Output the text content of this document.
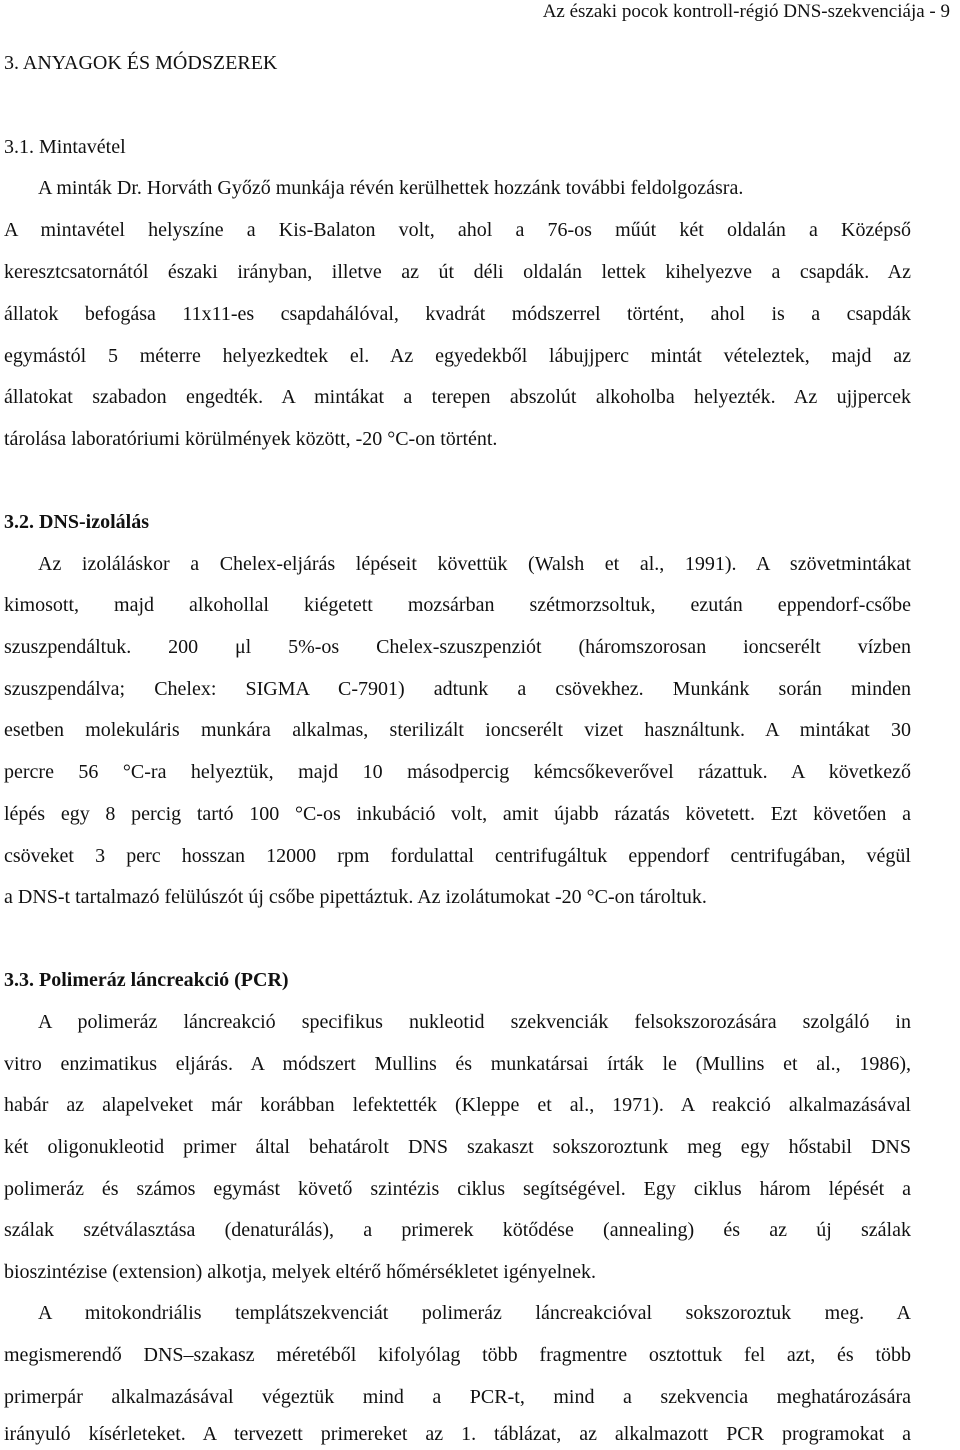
Az északi pocok kontroll-régió DNS-szekvenciája - 9
3. ANYAGOK ÉS MÓDSZEREK
3.1. Mintavétel
A minták Dr. Horváth Győző munkája révén kerülhettek hozzánk további feldolgozásra.
A mintavétel helyszíne a Kis-Balaton volt, ahol a 76-os műút két oldalán a Középső
keresztcsatornától északi irányban, illetve az út déli oldalán lettek kihelyezve a csapdák. Az
állatok befogása 11x11-es csapdahálóval, kvadrát módszerrel történt, ahol is a csapdák
egymástól 5 méterre helyezkedtek el. Az egyedekből lábujjperc mintát vételeztek, majd az
állatokat szabadon engedték. A mintákat a terepen abszolút alkoholba helyezték. Az ujjpercek
tárolása laboratóriumi körülmények között, -20 °C-on történt.
3.2. DNS-izolálás
Az izoláláskor a Chelex-eljárás lépéseit követtük (Walsh et al., 1991). A szövetmintákat
kimosott, majd alkohollal kiégetett mozsárban szétmorzsoltuk, ezután eppendorf-csőbe
szuszpendáltuk. 200 μl 5%-os Chelex-szuszpenziót (háromszorosan ioncserélt vízben
szuszpendálva; Chelex: SIGMA C-7901) adtunk a csövekhez. Munkánk során minden
esetben molekuláris munkára alkalmas, sterilizált ioncserélt vizet használtunk. A mintákat 30
percre 56 °C-ra helyeztük, majd 10 másodpercig kémcsőkeverővel rázattuk. A következő
lépés egy 8 percig tartó 100 °C-os inkubáció volt, amit újabb rázatás követett. Ezt követően a
csöveket 3 perc hosszan 12000 rpm fordulattal centrifugáltuk eppendorf centrifugában, végül
a DNS-t tartalmazó felülúszót új csőbe pipettáztuk. Az izolátumokat -20 °C-on tároltuk.
3.3. Polimeráz láncreakció (PCR)
A polimeráz láncreakció specifikus nukleotid szekvenciák felsokszorozására szolgáló in
vitro enzimatikus eljárás. A módszert Mullins és munkatársai írták le (Mullins et al., 1986),
habár az alapelveket már korábban lefektették (Kleppe et al., 1971). A reakció alkalmazásával
két oligonukleotid primer által behatárolt DNS szakaszt sokszoroztunk meg egy hőstabil DNS
polimeráz és számos egymást követő szintézis ciklus segítségével. Egy ciklus három lépését a
szálak szétválasztása (denaturálás), a primerek kötődése (annealing) és az új szálak
bioszintézise (extension) alkotja, melyek eltérő hőmérsékletet igényelnek.
A mitokondriális templátszekvenciát polimeráz láncreakcióval sokszoroztuk meg. A
megismerendő DNS–szakasz méretéből kifolyólag több fragmentre osztottuk fel azt, és több
primerpár alkalmazásával végeztük mind a PCR-t, mind a szekvencia meghatározására
irányuló kísérleteket. A tervezett primereket az 1. táblázat, az alkalmazott PCR programokat a
